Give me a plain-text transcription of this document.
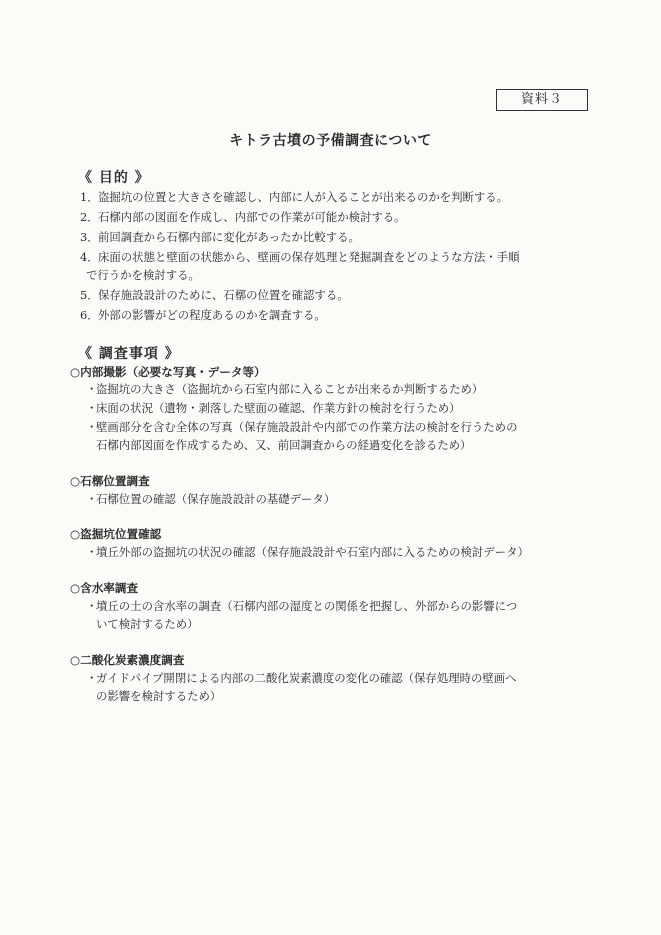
資料３
キトラ古墳の予備調査について
《 目的 》
1．盗掘坑の位置と大きさを確認し、内部に人が入ることが出来るのかを判断する。
2．石槨内部の図面を作成し、内部での作業が可能か検討する。
3．前回調査から石槨内部に変化があったか比較する。
4．床面の状態と壁面の状態から、壁画の保存処理と発掘調査をどのような方法・手順
で行うかを検討する。
5．保存施設設計のために、石槨の位置を確認する。
6．外部の影響がどの程度あるのかを調査する。
《 調査事項 》
○内部撮影（必要な写真・データ等）
・盗掘坑の大きさ（盗掘坑から石室内部に入ることが出来るか判断するため）
・床面の状況（遺物・剥落した壁面の確認、作業方針の検討を行うため）
・壁画部分を含む全体の写真（保存施設設計や内部での作業方法の検討を行うための
石槨内部図面を作成するため、又、前回調査からの経過変化を診るため）
○石槨位置調査
・石槨位置の確認（保存施設設計の基礎データ）
○盗掘坑位置確認
・墳丘外部の盗掘坑の状況の確認（保存施設設計や石室内部に入るための検討データ）
○含水率調査
・墳丘の土の含水率の調査（石槨内部の湿度との関係を把握し、外部からの影響につ
いて検討するため）
○二酸化炭素濃度調査
・ガイドパイプ開閉による内部の二酸化炭素濃度の変化の確認（保存処理時の壁画へ
の影響を検討するため）
